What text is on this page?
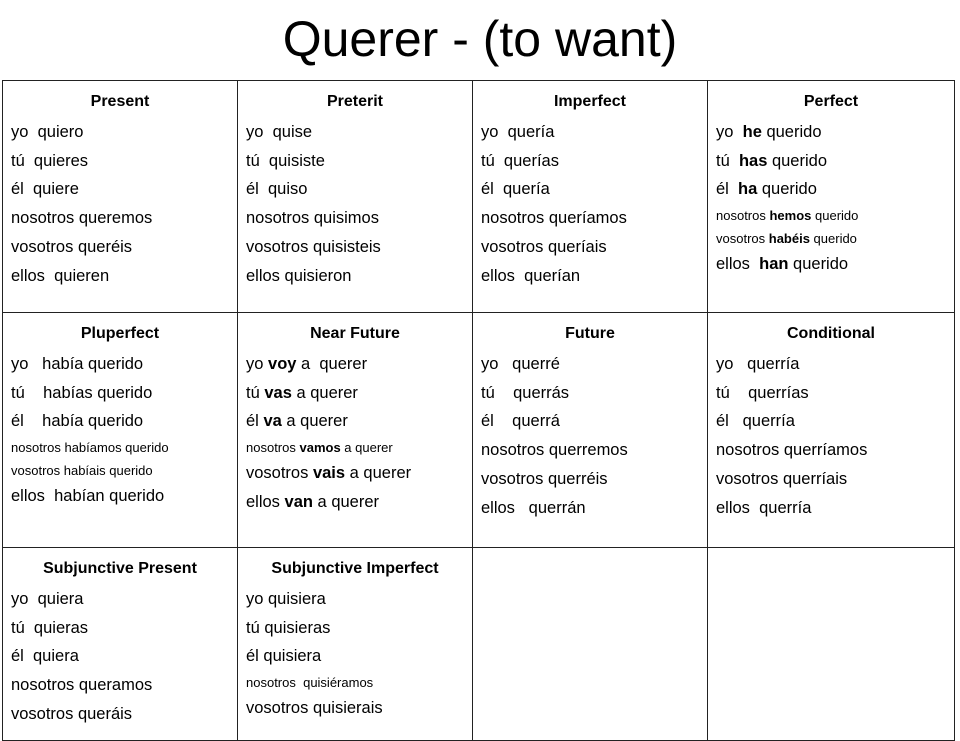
Querer - (to want)
Present
yo  quiero
tú  quieres
él  quiere
nosotros queremos
vosotros queréis
ellos  quieren
Preterit
yo  quise
tú  quisiste
él  quiso
nosotros quisimos
vosotros quisisteis
ellos quisieron
Imperfect
yo  quería
tú  querías
él  quería
nosotros queríamos
vosotros queríais
ellos  querían
Perfect
yo  he querido
tú  has querido
él  ha querido
nosotros hemos querido
vosotros habéis querido
ellos  han querido
Pluperfect
yo   había querido
tú    habías querido
él    había querido
nosotros habíamos querido
vosotros habíais querido
ellos  habían querido
Near Future
yo voy a  querer
tú vas a querer
él va a querer
nosotros vamos a querer
vosotros vais a querer
ellos van a querer
Future
yo   querré
tú    querrás
él    querrá
nosotros querremos
vosotros querréis
ellos   querrán
Conditional
yo   querría
tú    querrías
él   querría
nosotros querríamos
vosotros querríais
ellos  querría
Subjunctive Present
yo  quiera
tú  quieras
él  quiera
nosotros queramos
vosotros queráis
Subjunctive Imperfect
yo quisiera
tú quisieras
él quisiera
nosotros  quisiéramos
vosotros quisierais
